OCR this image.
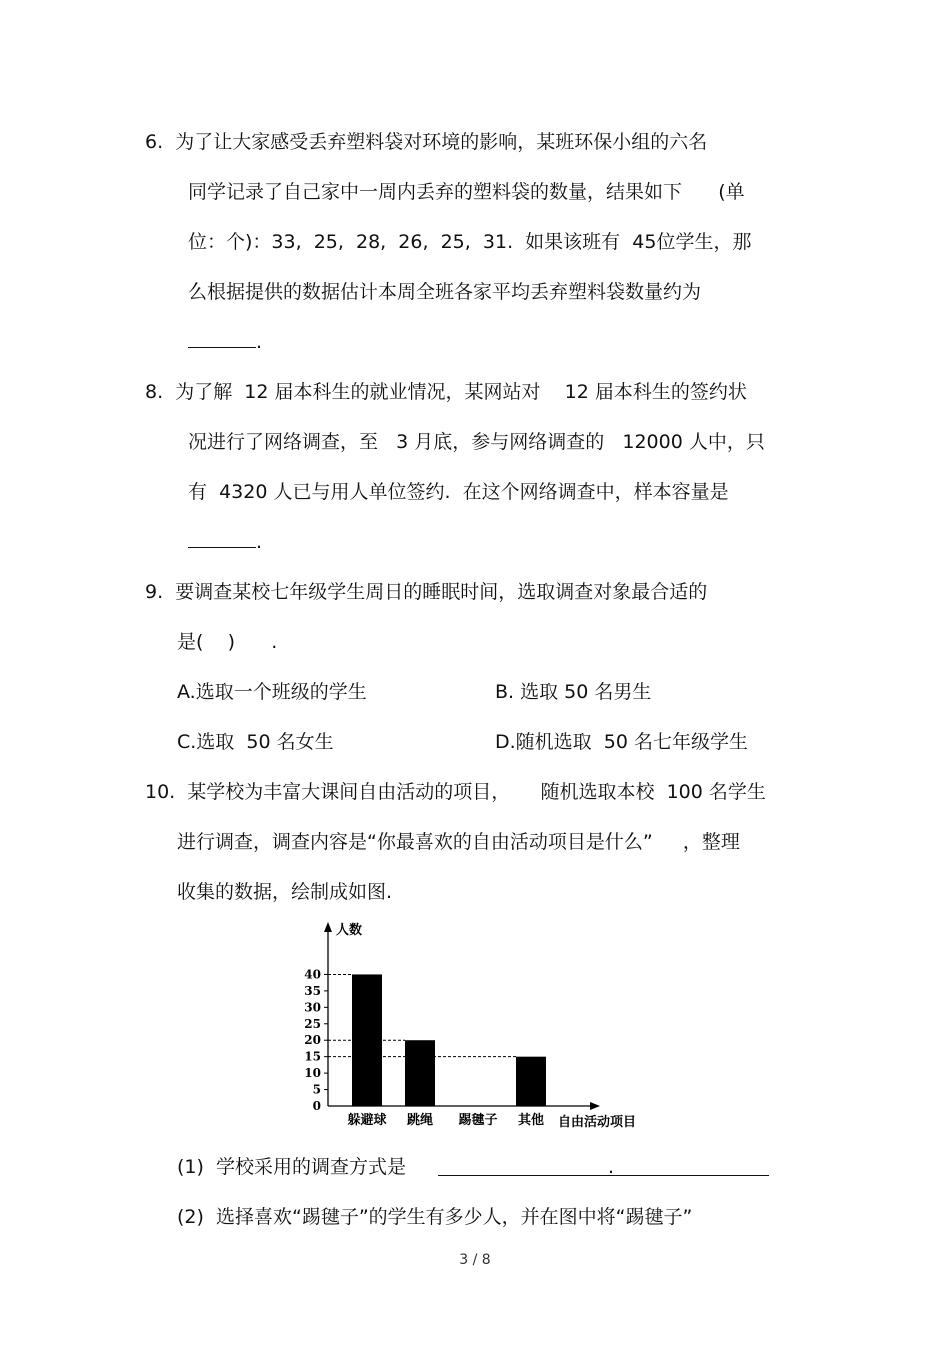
6.  为了让大家感受丢弃塑料袋对环境的影响，某班环保小组的六名
同学记录了自己家中一周内丢弃的塑料袋的数量，结果如下      (单
位：个)：33,  25,  28,  26,  25,  31.  如果该班有  45位学生，那
么根据提供的数据估计本周全班各家平均丢弃塑料袋数量约为
.
8.  为了解  12 届本科生的就业情况，某网站对    12 届本科生的签约状
况进行了网络调查，至   3 月底，参与网络调查的   12000 人中，只
有  4320 人已与用人单位签约.  在这个网络调查中，样本容量是
.
9.  要调查某校七年级学生周日的睡眠时间，选取调查对象最合适的
是(    )      .
A.选取一个班级的学生	B. 选取 50 名男生
C.选取  50 名女生	D.随机选取  50 名七年级学生
10.  某学校为丰富大课间自由活动的项目，     随机选取本校  100 名学生
进行调查，调查内容是“你最喜欢的自由活动项目是什么”     ，整理
收集的数据，绘制成如图.
0
5
10
15
20
25
30
35
40
躲避球 跳绳 踢毽子 其他
人数
自由活动项目
(1)  学校采用的调查方式是	.
(2)  选择喜欢“踢毽子”的学生有多少人，并在图中将“踢毽子”
3 / 8
